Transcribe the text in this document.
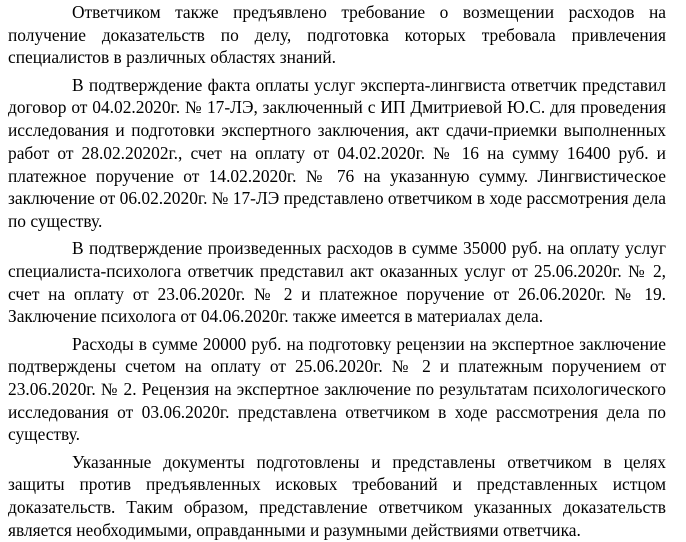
Ответчиком также предъявлено требование о возмещении расходов на получение доказательств по делу, подготовка которых требовала привлечения специалистов в различных областях знаний.

В подтверждение факта оплаты услуг эксперта-лингвиста ответчик представил договор от 04.02.2020г. № 17-ЛЭ, заключенный с ИП Дмитриевой Ю.С. для проведения исследования и подготовки экспертного заключения, акт сдачи-приемки выполненных работ от 28.02.20202г., счет на оплату от 04.02.2020г. № 16 на сумму 16400 руб. и платежное поручение от 14.02.2020г. № 76 на указанную сумму. Лингвистическое заключение от 06.02.2020г. № 17-ЛЭ представлено ответчиком в ходе рассмотрения дела по существу.

В подтверждение произведенных расходов в сумме 35000 руб. на оплату услуг специалиста-психолога ответчик представил акт оказанных услуг от 25.06.2020г. № 2, счет на оплату от 23.06.2020г. № 2 и платежное поручение от 26.06.2020г. № 19. Заключение психолога от 04.06.2020г. также имеется в материалах дела.

Расходы в сумме 20000 руб. на подготовку рецензии на экспертное заключение подтверждены счетом на оплату от 25.06.2020г. № 2 и платежным поручением от 23.06.2020г. № 2. Рецензия на экспертное заключение по результатам психологического исследования от 03.06.2020г. представлена ответчиком в ходе рассмотрения дела по существу.

Указанные документы подготовлены и представлены ответчиком в целях защиты против предъявленных исковых требований и представленных истцом доказательств. Таким образом, представление ответчиком указанных доказательств является необходимыми, оправданными и разумными действиями ответчика.
